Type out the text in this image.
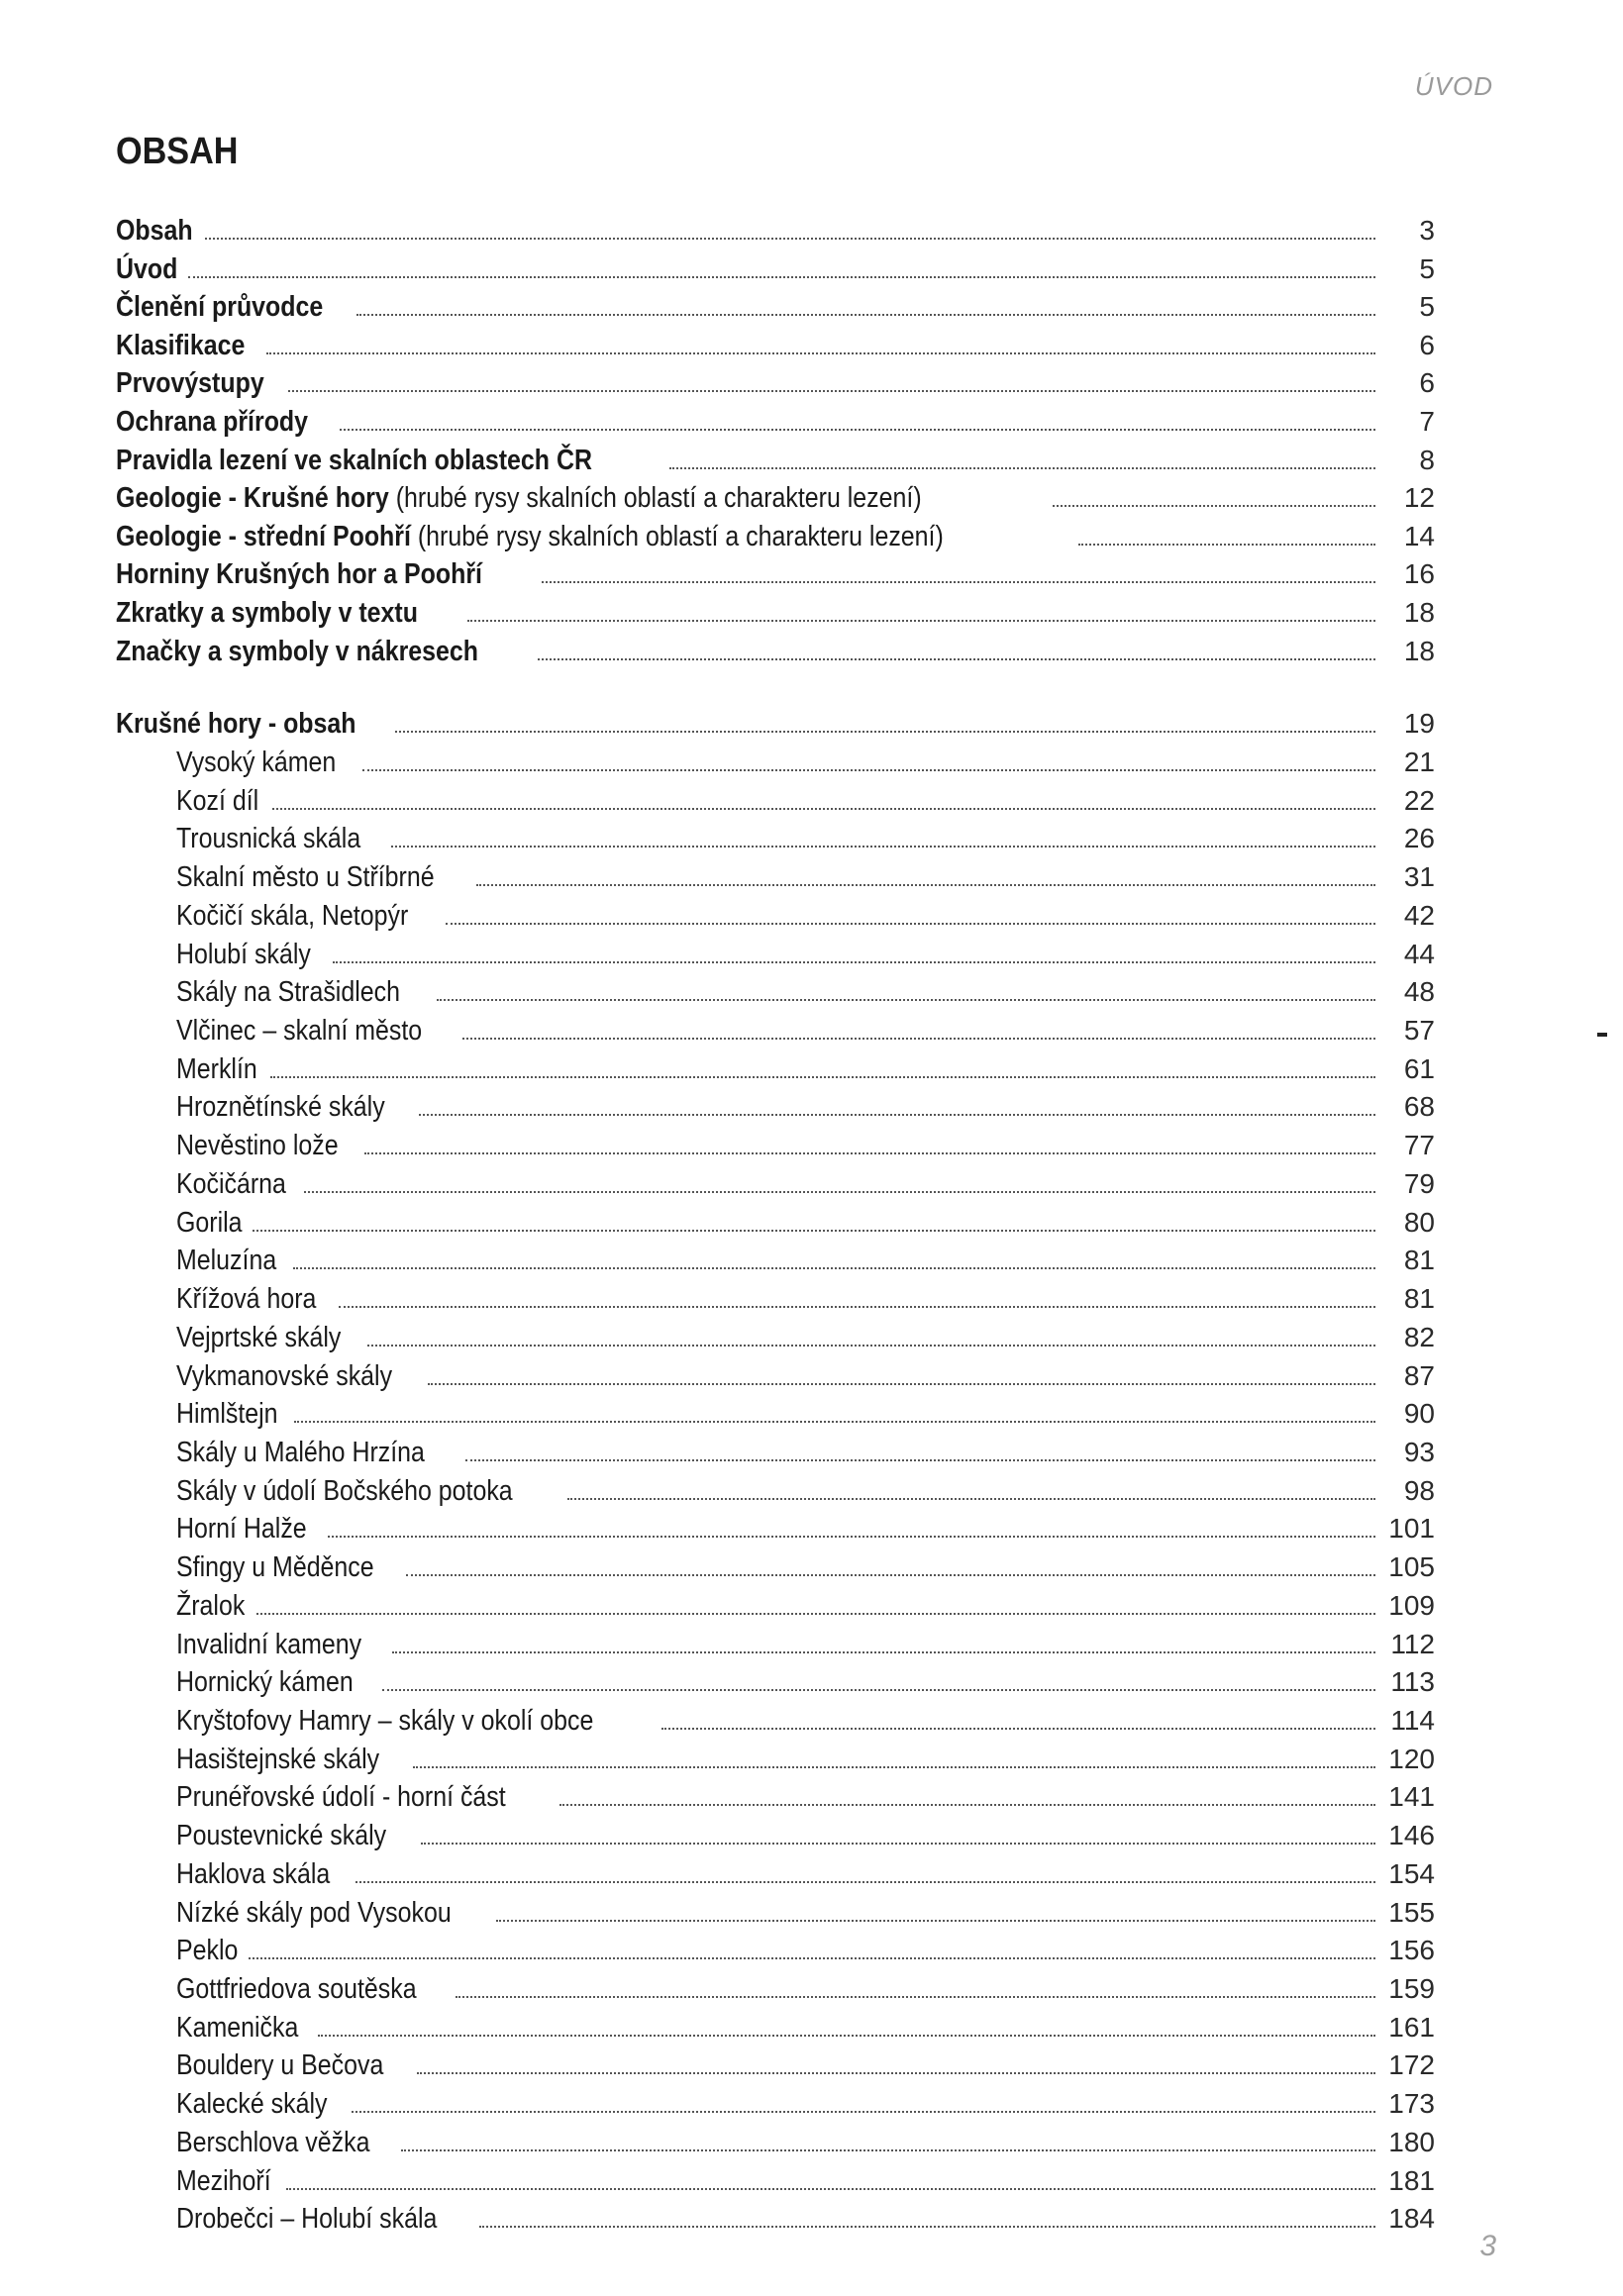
ÚVOD
OBSAH
Obsah	3
Úvod	5
Členění průvodce	5
Klasifikace	6
Prvovýstupy	6
Ochrana přírody	7
Pravidla lezení ve skalních oblastech ČR	8
Geologie - Krušné hory (hrubé rysy skalních oblastí a charakteru lezení)	12
Geologie - střední Poohří (hrubé rysy skalních oblastí a charakteru lezení)	14
Horniny Krušných hor a Poohří	16
Zkratky a symboly v textu	18
Značky a symboly v nákresech	18
Krušné hory - obsah	19
Vysoký kámen	21
Kozí díl	22
Trousnická skála	26
Skalní město u Stříbrné	31
Kočičí skála, Netopýr	42
Holubí skály	44
Skály na Strašidlech	48
Vlčinec – skalní město	57
Merklín	61
Hroznětínské skály	68
Nevěstino lože	77
Kočičárna	79
Gorila	80
Meluzína	81
Křížová hora	81
Vejprtské skály	82
Vykmanovské skály	87
Himlštejn	90
Skály u Malého Hrzína	93
Skály v údolí Bočského potoka	98
Horní Halže	101
Sfingy u Měděnce	105
Žralok	109
Invalidní kameny	112
Hornický kámen	113
Kryštofovy Hamry – skály v okolí obce	114
Hasištejnské skály	120
Prunéřovské údolí - horní část	141
Poustevnické skály	146
Haklova skála	154
Nízké skály pod Vysokou	155
Peklo	156
Gottfriedova soutěska	159
Kamenička	161
Bouldery u Bečova	172
Kalecké skály	173
Berschlova věžka	180
Mezihoří	181
Drobečci – Holubí skála	184
3
